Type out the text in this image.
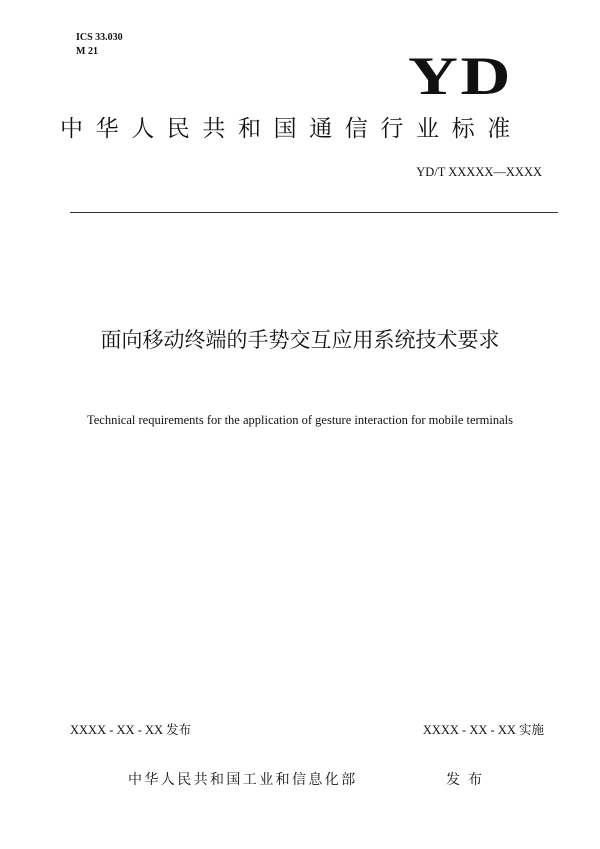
ICS 33.030
M 21	YD
中华人民共和国通信行业标准
YD/T XXXXX—XXXX
面向移动终端的手势交互应用系统技术要求
Technical requirements for the application of gesture interaction for mobile terminals
XXXX - XX - XX 发布	XXXX - XX - XX 实施
中华人民共和国工业和信息化部	发布
